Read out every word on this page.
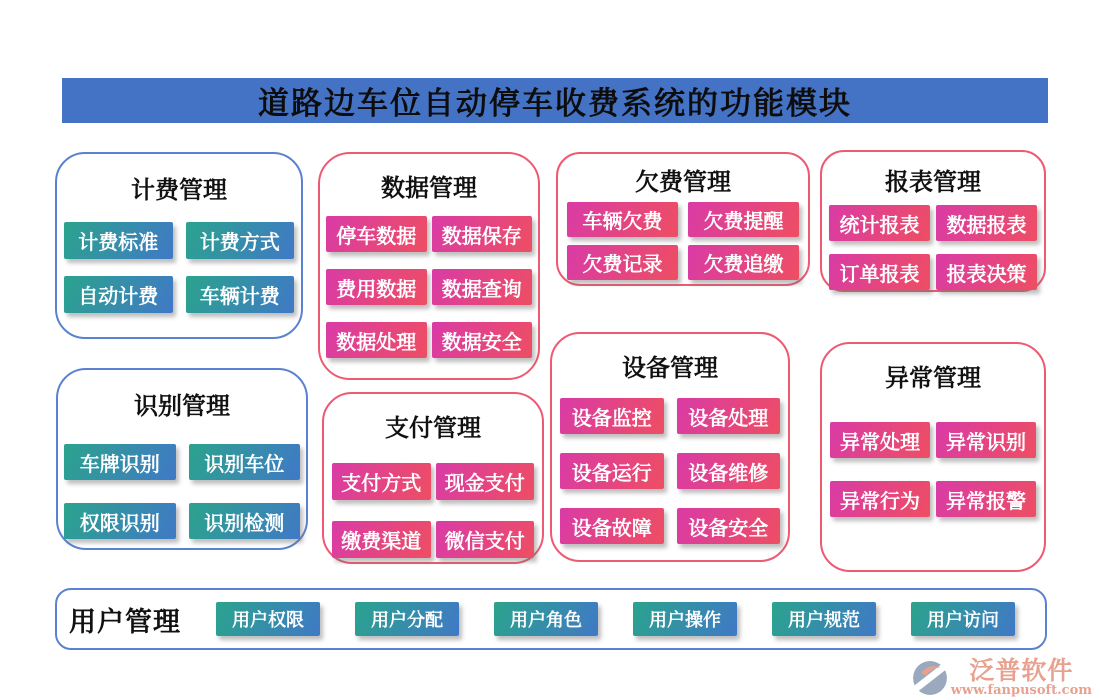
道路边车位自动停车收费系统的功能模块
计费管理
计费标准	计费方式
自动计费	车辆计费
数据管理
停车数据	数据保存
费用数据	数据查询
数据处理	数据安全
欠费管理
车辆欠费	欠费提醒
欠费记录	欠费追缴
报表管理
统计报表	数据报表
订单报表	报表决策
识别管理
车牌识别	识别车位
权限识别	识别检测
支付管理
支付方式	现金支付
缴费渠道	微信支付
设备管理
设备监控	设备处理
设备运行	设备维修
设备故障	设备安全
异常管理
异常处理	异常识别
异常行为	异常报警
用户管理	用户权限	用户分配	用户角色	用户操作	用户规范	用户访问
泛普软件
www.fanpusoft.com
